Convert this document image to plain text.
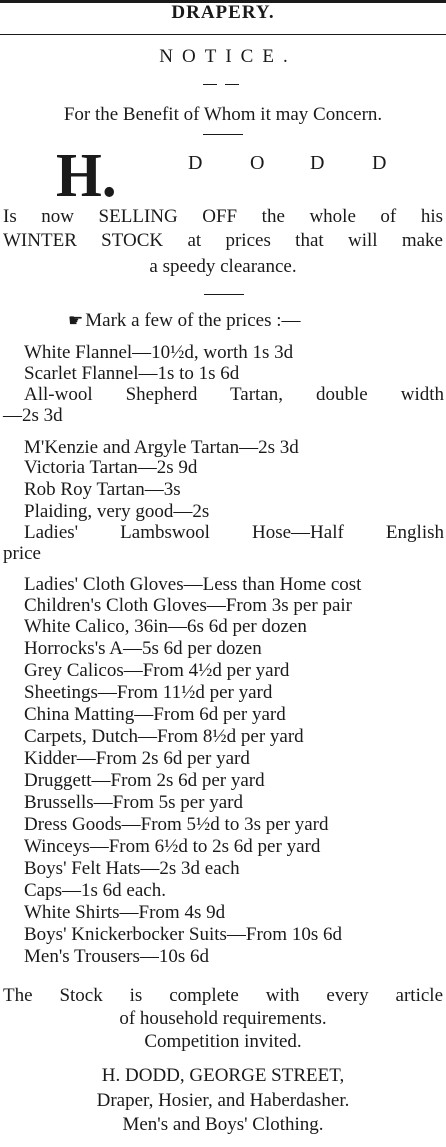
DRAPERY.
NOTICE.
For the Benefit of Whom it may Concern.
H.	D O D D
Is now SELLING OFF the whole of his
WINTER STOCK at prices that will make
a speedy clearance.
☛ Mark a few of the prices :—
White Flannel—10½d, worth 1s 3d
Scarlet Flannel—1s to 1s 6d
All-wool Shepherd Tartan, double width
—2s 3d
M'Kenzie and Argyle Tartan—2s 3d
Victoria Tartan—2s 9d
Rob Roy Tartan—3s
Plaiding, very good—2s
Ladies' Lambswool Hose—Half English
price
Ladies' Cloth Gloves—Less than Home cost
Children's Cloth Gloves—From 3s per pair
White Calico, 36in—6s 6d per dozen
Horrocks's A—5s 6d per dozen
Grey Calicos—From 4½d per yard
Sheetings—From 11½d per yard
China Matting—From 6d per yard
Carpets, Dutch—From 8½d per yard
Kidder—From 2s 6d per yard
Druggett—From 2s 6d per yard
Brussells—From 5s per yard
Dress Goods—From 5½d to 3s per yard
Winceys—From 6½d to 2s 6d per yard
Boys' Felt Hats—2s 3d each
Caps—1s 6d each.
White Shirts—From 4s 9d
Boys' Knickerbocker Suits—From 10s 6d
Men's Trousers—10s 6d
The Stock is complete with every article
of household requirements.
Competition invited.
H. DODD, GEORGE STREET,
Draper, Hosier, and Haberdasher.
Men's and Boys' Clothing.
